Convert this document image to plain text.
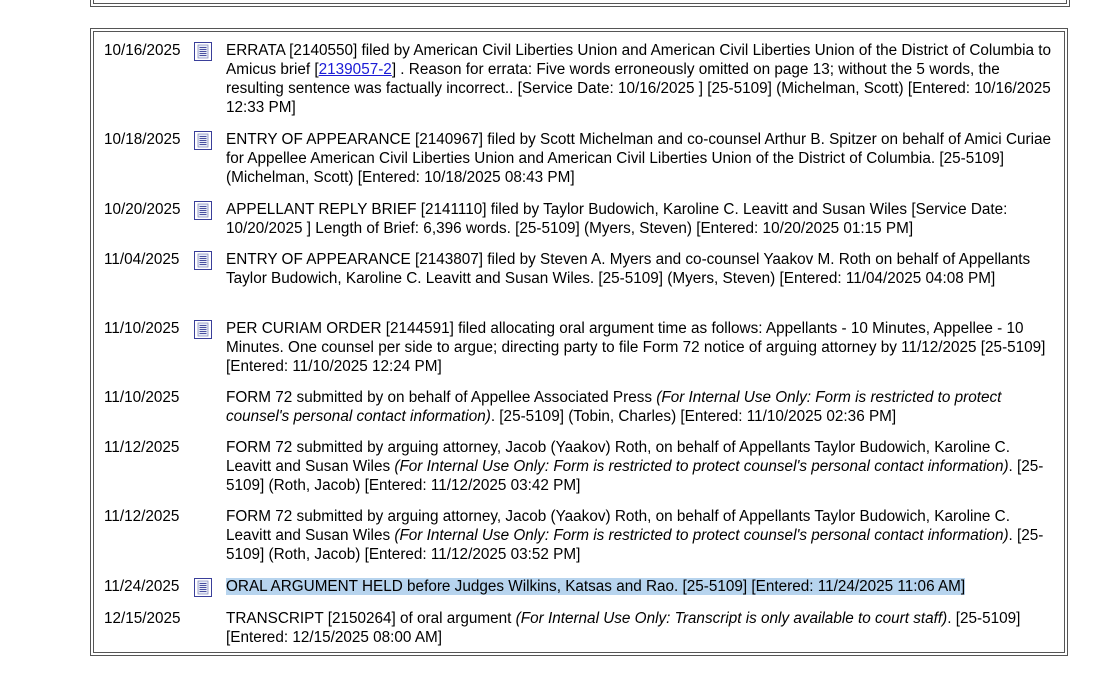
10/16/2025	ERRATA [2140550] filed by American Civil Liberties Union and American Civil Liberties Union of the District of Columbia to Amicus brief [2139057-2] . Reason for errata: Five words erroneously omitted on page 13; without the 5 words, the resulting sentence was factually incorrect.. [Service Date: 10/16/2025 ] [25-5109] (Michelman, Scott) [Entered: 10/16/2025 12:33 PM]
10/18/2025	ENTRY OF APPEARANCE [2140967] filed by Scott Michelman and co-counsel Arthur B. Spitzer on behalf of Amici Curiae for Appellee American Civil Liberties Union and American Civil Liberties Union of the District of Columbia. [25-5109] (Michelman, Scott) [Entered: 10/18/2025 08:43 PM]
10/20/2025	APPELLANT REPLY BRIEF [2141110] filed by Taylor Budowich, Karoline C. Leavitt and Susan Wiles [Service Date: 10/20/2025 ] Length of Brief: 6,396 words. [25-5109] (Myers, Steven) [Entered: 10/20/2025 01:15 PM]
11/04/2025	ENTRY OF APPEARANCE [2143807] filed by Steven A. Myers and co-counsel Yaakov M. Roth on behalf of Appellants Taylor Budowich, Karoline C. Leavitt and Susan Wiles. [25-5109] (Myers, Steven) [Entered: 11/04/2025 04:08 PM]
11/10/2025	PER CURIAM ORDER [2144591] filed allocating oral argument time as follows: Appellants - 10 Minutes, Appellee - 10 Minutes. One counsel per side to argue; directing party to file Form 72 notice of arguing attorney by 11/12/2025 [25-5109] [Entered: 11/10/2025 12:24 PM]
11/10/2025	FORM 72 submitted by on behalf of Appellee Associated Press (For Internal Use Only: Form is restricted to protect counsel's personal contact information). [25-5109] (Tobin, Charles) [Entered: 11/10/2025 02:36 PM]
11/12/2025	FORM 72 submitted by arguing attorney, Jacob (Yaakov) Roth, on behalf of Appellants Taylor Budowich, Karoline C. Leavitt and Susan Wiles (For Internal Use Only: Form is restricted to protect counsel's personal contact information). [25-5109] (Roth, Jacob) [Entered: 11/12/2025 03:42 PM]
11/12/2025	FORM 72 submitted by arguing attorney, Jacob (Yaakov) Roth, on behalf of Appellants Taylor Budowich, Karoline C. Leavitt and Susan Wiles (For Internal Use Only: Form is restricted to protect counsel's personal contact information). [25-5109] (Roth, Jacob) [Entered: 11/12/2025 03:52 PM]
11/24/2025	ORAL ARGUMENT HELD before Judges Wilkins, Katsas and Rao. [25-5109] [Entered: 11/24/2025 11:06 AM]
12/15/2025	TRANSCRIPT [2150264] of oral argument (For Internal Use Only: Transcript is only available to court staff). [25-5109] [Entered: 12/15/2025 08:00 AM]
